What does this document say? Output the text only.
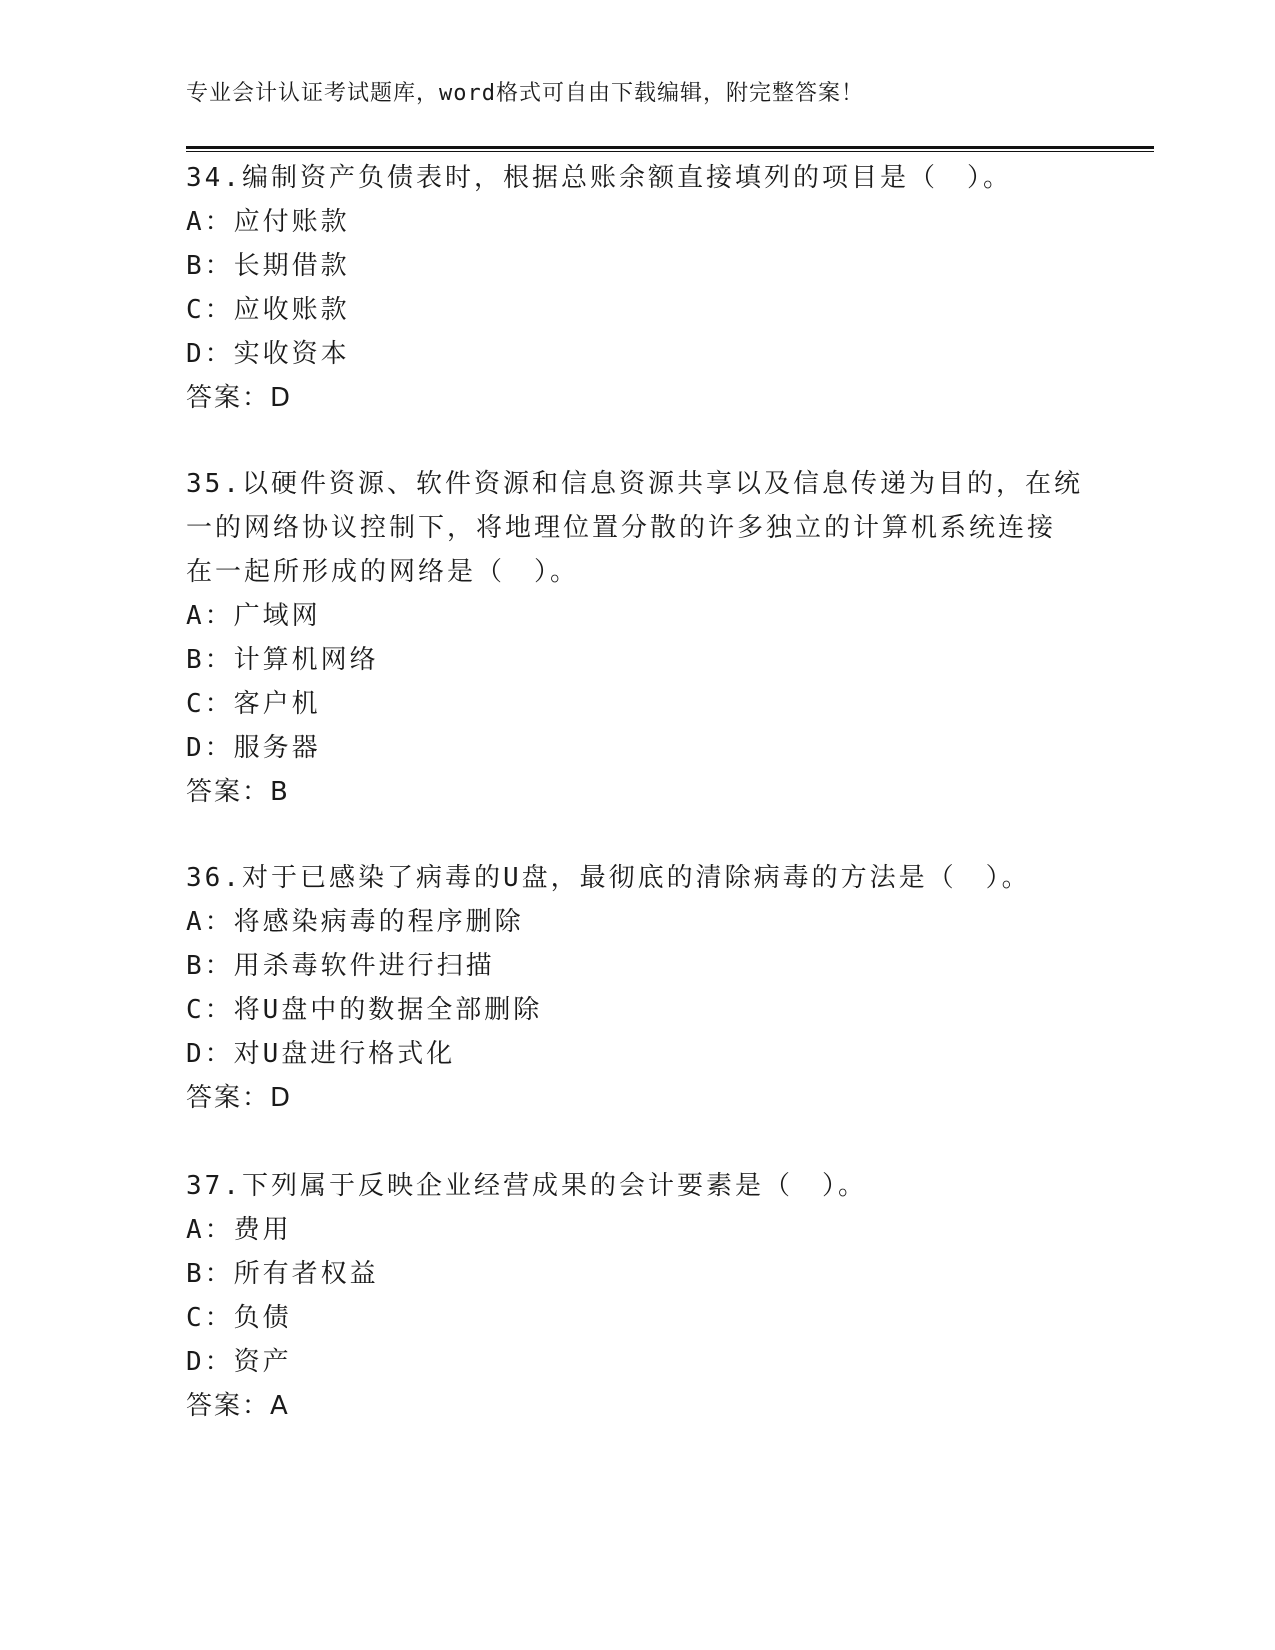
专业会计认证考试题库，word格式可自由下载编辑，附完整答案！
34.编制资产负债表时，根据总账余额直接填列的项目是（　）。
A：应付账款
B：长期借款
C：应收账款
D：实收资本
答案：D
35.以硬件资源、软件资源和信息资源共享以及信息传递为目的，在统
一的网络协议控制下，将地理位置分散的许多独立的计算机系统连接
在一起所形成的网络是（　）。
A：广域网
B：计算机网络
C：客户机
D：服务器
答案：B
36.对于已感染了病毒的U盘，最彻底的清除病毒的方法是（　）。
A：将感染病毒的程序删除
B：用杀毒软件进行扫描
C：将U盘中的数据全部删除
D：对U盘进行格式化
答案：D
37.下列属于反映企业经营成果的会计要素是（　）。
A：费用
B：所有者权益
C：负债
D：资产
答案：A
